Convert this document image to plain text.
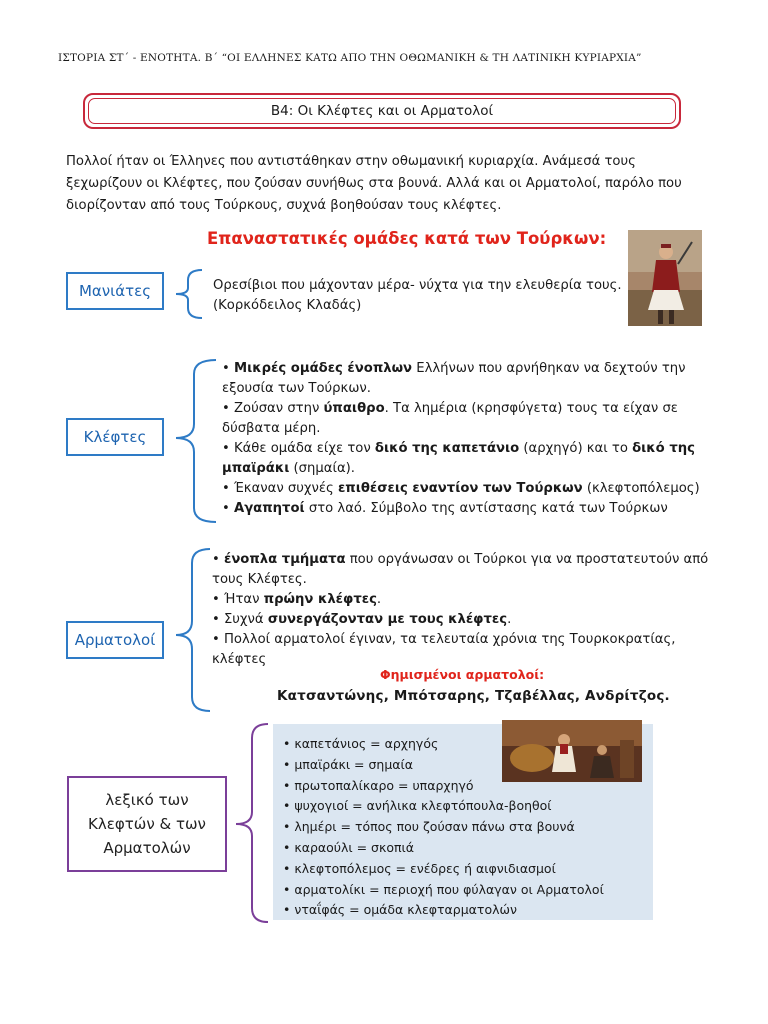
ΙΣΤΟΡΙΑ ΣΤ΄ - ΕΝΟΤΗΤΑ. Β΄ “ΟΙ ΕΛΛΗΝΕΣ ΚΑΤΩ ΑΠΟ ΤΗΝ ΟΘΩΜΑΝΙΚΗ & ΤΗ ΛΑΤΙΝΙΚΗ ΚΥΡΙΑΡΧΙΑ”
Β4: Οι Κλέφτες και οι Αρματολοί

Πολλοί ήταν οι Έλληνες που αντιστάθηκαν στην οθωμανική κυριαρχία. Ανάμεσά τους

ξεχωρίζουν οι Κλέφτες, που ζούσαν συνήθως στα βουνά. Αλλά και οι Αρματολοί, παρόλο που

διορίζονταν από τους Τούρκους, συχνά βοηθούσαν τους κλέφτες.

Επαναστατικές ομάδες κατά των Τούρκων:
Μανιάτες	Ορεσίβιοι που μάχονταν μέρα- νύχτα για την ελευθερία τους.

(Κορκόδειλος Κλαδάς)

Κλέφτες

• Μικρές ομάδες ένοπλων Ελλήνων που αρνήθηκαν να δεχτούν την

εξουσία των Τούρκων.

• Ζούσαν στην ύπαιθρο. Τα λημέρια (κρησφύγετα) τους τα είχαν σε

δύσβατα μέρη.

• Κάθε ομάδα είχε τον δικό της καπετάνιο (αρχηγό) και το δικό της

μπαϊράκι (σημαία).

• Έκαναν συχνές επιθέσεις εναντίον των Τούρκων (κλεφτοπόλεμος)

• Αγαπητοί στο λαό. Σύμβολο της αντίστασης κατά των Τούρκων

Αρματολοί

• ένοπλα τμήματα που οργάνωσαν οι Τούρκοι για να προστατευτούν από

τους Κλέφτες.

• Ήταν πρώην κλέφτες.

• Συχνά συνεργάζονταν με τους κλέφτες.

• Πολλοί αρματολοί έγιναν, τα τελευταία χρόνια της Τουρκοκρατίας,

κλέφτες

Φημισμένοι αρματολοί:
Κατσαντώνης, Μπότσαρης, Τζαβέλλας, Ανδρίτζος.
λεξικό των
Κλεφτών & των
Αρματολών
• καπετάνιος = αρχηγός
• μπαϊράκι = σημαία
• πρωτοπαλίκαρο = υπαρχηγό
• ψυχογιοί = ανήλικα κλεφτόπουλα-βοηθοί
• λημέρι = τόπος που ζούσαν πάνω στα βουνά
• καραούλι = σκοπιά
• κλεφτοπόλεμος = ενέδρες ή αιφνιδιασμοί
• αρματολίκι = περιοχή που φύλαγαν οι Αρματολοί
• νταΐφάς = ομάδα κλεφταρματολών
